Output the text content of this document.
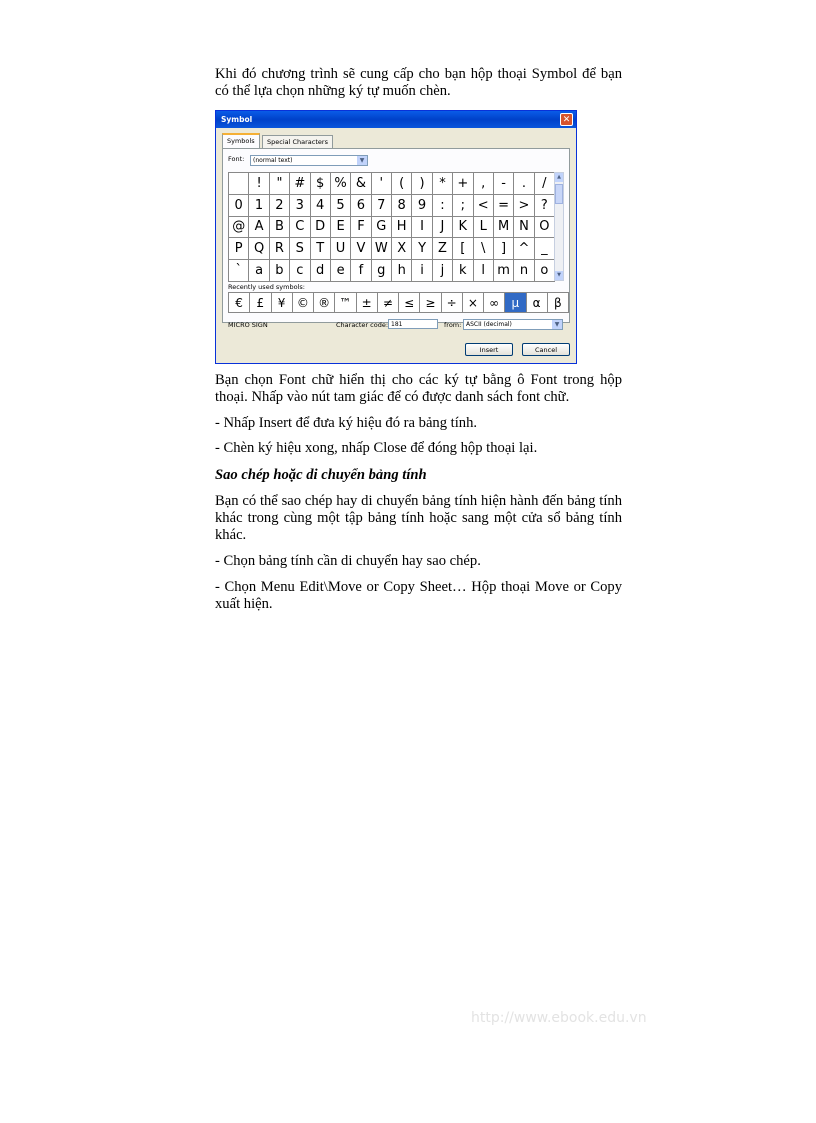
Khi đó chương trình sẽ cung cấp cho bạn hộp thoại Symbol để bạn có thể lựa chọn những ký tự muốn chèn.

Symbol	✕
Symbols	Special Characters
Font:	(normal text)	▼
!	" # $ % &	'	(	)	* + ,	-	.	/
0 1 2 3 4 5 6 7 8 9	:	; < = > ?
@ A B C D E F G H	I	J	K L M N O
P Q R S T U V W X Y Z	[	\	] ^ _
`	a b c d e	f	g h	i	j	k	l m n o
▲
▼
Recently used symbols:
€	£	¥ © ® ™ ± ≠ ≤ ≥ ÷ × ∞	µ	α	β
MICRO SIGN	Character code: 181	from: ASCII (decimal)	▼
Insert	Cancel

Bạn chọn Font chữ hiển thị cho các ký tự bằng ô Font trong hộp thoại. Nhấp vào nút tam giác để có được danh sách font chữ.

- Nhấp Insert để đưa ký hiệu đó ra bảng tính.

- Chèn ký hiệu xong, nhấp Close để đóng hộp thoại lại.

Sao chép hoặc di chuyển bảng tính

Bạn có thể sao chép hay di chuyển bảng tính hiện hành đến bảng tính khác trong cùng một tập bảng tính hoặc sang một cửa sổ bảng tính khác.

- Chọn bảng tính cần di chuyển hay sao chép.

- Chọn Menu Edit\Move or Copy Sheet… Hộp thoại Move or Copy xuất hiện.

http://www.ebook.edu.vn
